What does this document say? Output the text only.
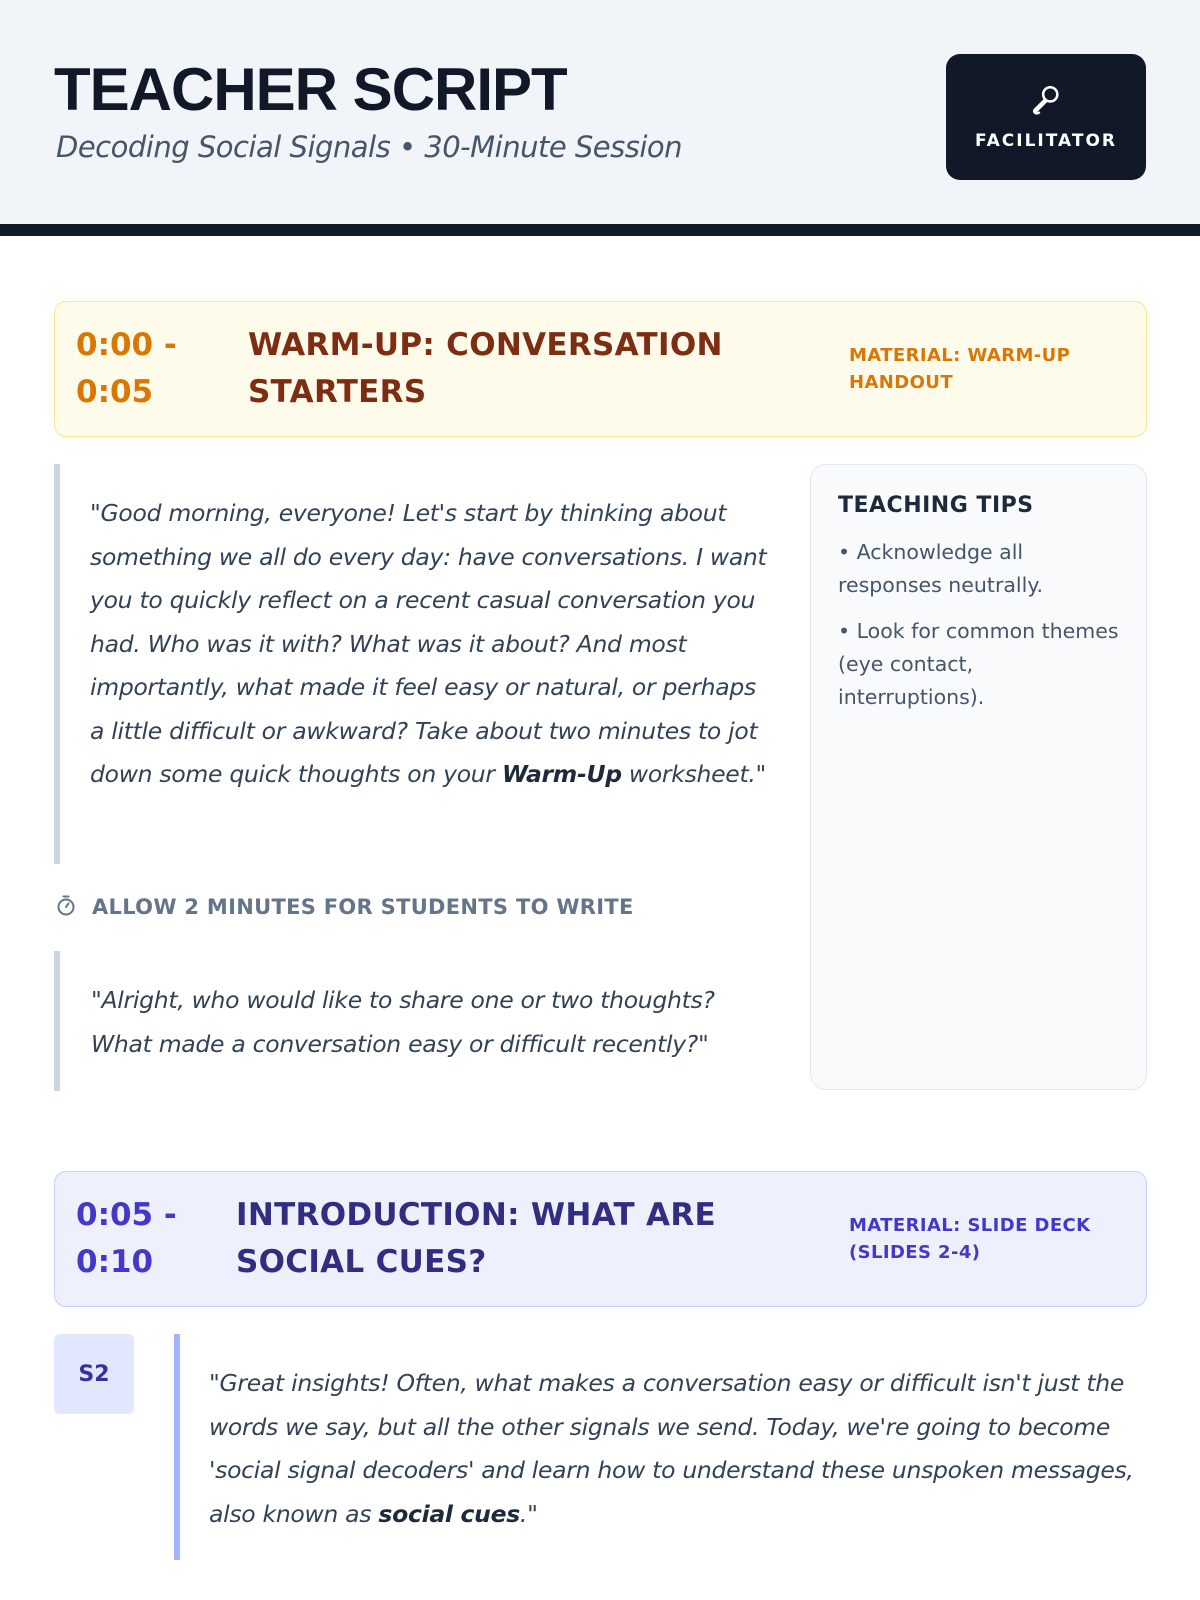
TEACHER SCRIPT
Decoding Social Signals • 30-Minute Session	FACILITATOR
0:00 -
0:05
WARM-UP: CONVERSATION STARTERS
MATERIAL: WARM-UP HANDOUT
"Good morning, everyone! Let's start by thinking about something we all do every day: have conversations. I want you to quickly reflect on a recent casual conversation you had. Who was it with? What was it about? And most importantly, what made it feel easy or natural, or perhaps a little difficult or awkward? Take about two minutes to jot down some quick thoughts on your Warm-Up worksheet."
ALLOW 2 MINUTES FOR STUDENTS TO WRITE
"Alright, who would like to share one or two thoughts? What made a conversation easy or difficult recently?"
TEACHING TIPS
• Acknowledge all responses neutrally.
• Look for common themes (eye contact, interruptions).
0:05 -
0:10
INTRODUCTION: WHAT ARE SOCIAL CUES?
MATERIAL: SLIDE DECK (SLIDES 2-4)
S2	"Great insights! Often, what makes a conversation easy or difficult isn't just the words we say, but all the other signals we send. Today, we're going to become 'social signal decoders' and learn how to understand these unspoken messages, also known as social cues."
